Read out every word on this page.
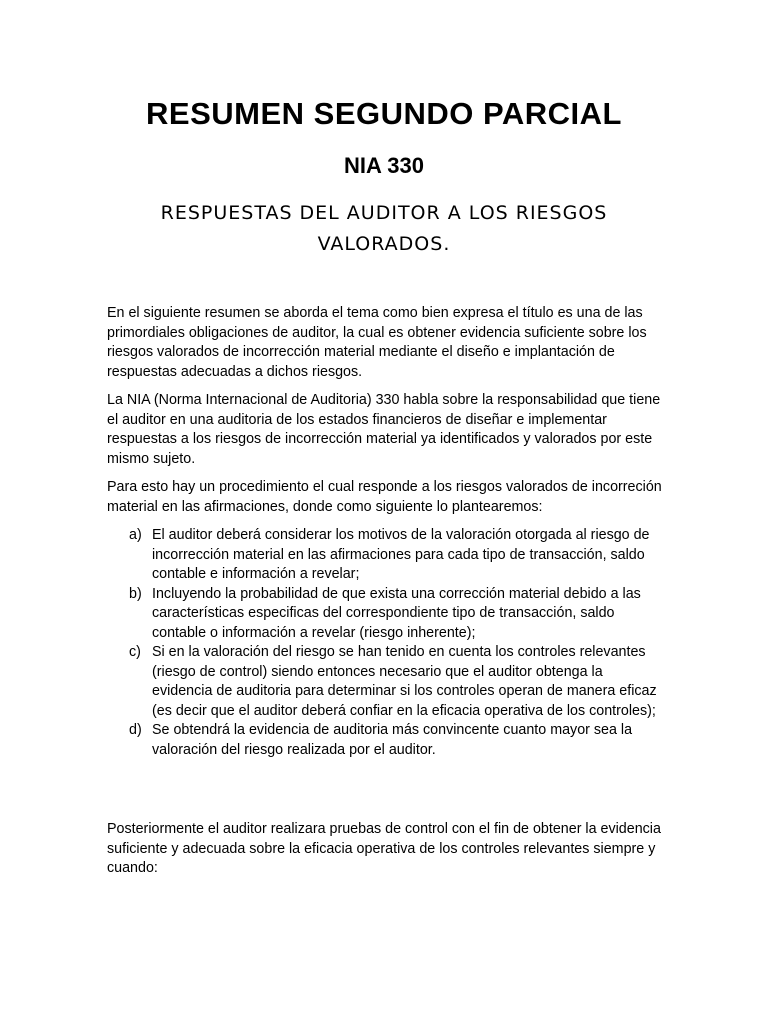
RESUMEN SEGUNDO PARCIAL
NIA 330
RESPUESTAS DEL AUDITOR A LOS RIESGOS VALORADOS.

En el siguiente resumen se aborda el tema como bien expresa el título es una de las primordiales obligaciones de auditor, la cual es obtener evidencia suficiente sobre los riesgos valorados de incorrección material mediante el diseño e implantación de respuestas adecuadas a dichos riesgos.

La NIA (Norma Internacional de Auditoria) 330 habla sobre la responsabilidad que tiene el auditor en una auditoria de los estados financieros de diseñar e implementar respuestas a los riesgos de incorrección material ya identificados y valorados por este mismo sujeto.

Para esto hay un procedimiento el cual responde a los riesgos valorados de incorreción material en las afirmaciones, donde como siguiente lo plantearemos:

a) El auditor deberá considerar los motivos de la valoración otorgada al riesgo de incorrección material en las afirmaciones para cada tipo de transacción, saldo contable e información a revelar;
b) Incluyendo la probabilidad de que exista una corrección material debido a las características especificas del correspondiente tipo de transacción, saldo contable o información a revelar (riesgo inherente);
c) Si en la valoración del riesgo se han tenido en cuenta los controles relevantes (riesgo de control) siendo entonces necesario que el auditor obtenga la evidencia de auditoria para determinar si los controles operan de manera eficaz (es decir que el auditor deberá confiar en la eficacia operativa de los controles);
d) Se obtendrá la evidencia de auditoria más convincente cuanto mayor sea la valoración del riesgo realizada por el auditor.

Posteriormente el auditor realizara pruebas de control con el fin de obtener la evidencia suficiente y adecuada sobre la eficacia operativa de los controles relevantes siempre y cuando:
